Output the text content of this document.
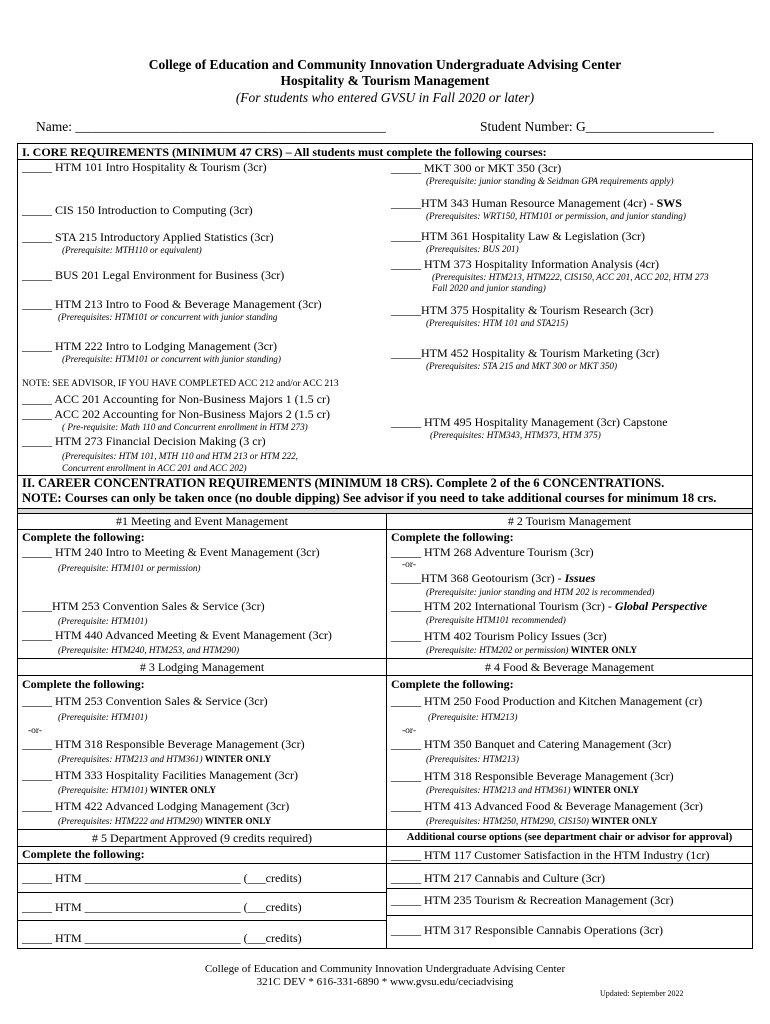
College of Education and Community Innovation Undergraduate Advising Center
Hospitality & Tourism Management
(For students who entered GVSU in Fall 2020 or later)
Name: ______________________________________________	Student Number: G___________________
I. CORE REQUIREMENTS (MINIMUM 47 CRS) – All students must complete the following courses:
_____ HTM 101 Intro Hospitality & Tourism (3cr)
_____ CIS 150 Introduction to Computing (3cr)
_____ STA 215 Introductory Applied Statistics (3cr)
(Prerequisite: MTH110 or equivalent)
_____ BUS 201 Legal Environment for Business (3cr)
_____ HTM 213 Intro to Food & Beverage Management (3cr)
(Prerequisites: HTM101 or concurrent with junior standing
_____ HTM 222 Intro to Lodging Management (3cr)
(Prerequisite: HTM101 or concurrent with junior standing)
NOTE: SEE ADVISOR, IF YOU HAVE COMPLETED ACC 212 and/or ACC 213
_____ ACC 201 Accounting for Non-Business Majors 1 (1.5 cr)
_____ ACC 202 Accounting for Non-Business Majors 2 (1.5 cr)
( Pre-requisite: Math 110 and Concurrent enrollment in HTM 273)
_____ HTM 273 Financial Decision Making (3 cr)
(Prerequisites: HTM 101, MTH 110 and HTM 213 or HTM 222,
Concurrent enrollment in ACC 201 and ACC 202)
_____ MKT 300 or MKT 350 (3cr)
(Prerequisite: junior standing & Seidman GPA requirements apply)
_____HTM 343 Human Resource Management (4cr) - SWS
(Prerequisites: WRT150, HTM101 or permission, and junior standing)
_____HTM 361 Hospitality Law & Legislation (3cr)
(Prerequisites: BUS 201)
_____ HTM 373 Hospitality Information Analysis (4cr)
(Prerequisites: HTM213, HTM222, CIS150, ACC 201, ACC 202, HTM 273
Fall 2020 and junior standing)
_____HTM 375 Hospitality & Tourism Research (3cr)
(Prerequisites: HTM 101 and STA215)
_____HTM 452 Hospitality & Tourism Marketing (3cr)
(Prerequisites: STA 215 and MKT 300 or MKT 350)
_____ HTM 495 Hospitality Management (3cr) Capstone
(Prerequisites: HTM343, HTM373, HTM 375)
II. CAREER CONCENTRATION REQUIREMENTS (MINIMUM 18 CRS). Complete 2 of the 6 CONCENTRATIONS.
NOTE: Courses can only be taken once (no double dipping) See advisor if you need to take additional courses for minimum 18 crs.
#1 Meeting and Event Management	# 2 Tourism Management
Complete the following:
_____ HTM 240 Intro to Meeting & Event Management (3cr)
(Prerequisite: HTM101 or permission)
_____HTM 253 Convention Sales & Service (3cr)
(Prerequisite: HTM101)
_____ HTM 440 Advanced Meeting & Event Management (3cr)
(Prerequisite: HTM240, HTM253, and HTM290)
Complete the following:
_____ HTM 268 Adventure Tourism (3cr)
-or-
_____HTM 368 Geotourism (3cr) - Issues
(Prerequisite: junior standing and HTM 202 is recommended)
_____ HTM 202 International Tourism (3cr) - Global Perspective
(Prerequisite HTM101 recommended)
_____ HTM 402 Tourism Policy Issues (3cr)
(Prerequisite: HTM202 or permission) WINTER ONLY
# 3 Lodging Management	# 4 Food & Beverage Management
Complete the following:
_____ HTM 253 Convention Sales & Service (3cr)
(Prerequisite: HTM101)
-or-
_____ HTM 318 Responsible Beverage Management (3cr)
(Prerequisites: HTM213 and HTM361) WINTER ONLY
_____ HTM 333 Hospitality Facilities Management (3cr)
(Prerequisite: HTM101) WINTER ONLY
_____ HTM 422 Advanced Lodging Management (3cr)
(Prerequisites: HTM222 and HTM290) WINTER ONLY
Complete the following:
_____ HTM 250 Food Production and Kitchen Management (cr)
(Prerequisite: HTM213)
-or-
_____ HTM 350 Banquet and Catering Management (3cr)
(Prerequisites: HTM213)
_____ HTM 318 Responsible Beverage Management (3cr)
(Prerequisites: HTM213 and HTM361) WINTER ONLY
_____ HTM 413 Advanced Food & Beverage Management (3cr)
(Prerequisites: HTM250, HTM290, CIS150) WINTER ONLY
# 5 Department Approved (9 credits required)	Additional course options (see department chair or advisor for approval)
Complete the following:
_____ HTM __________________________ (___credits)
_____ HTM __________________________ (___credits)
_____ HTM __________________________ (___credits)
_____ HTM 117 Customer Satisfaction in the HTM Industry (1cr)
_____ HTM 217 Cannabis and Culture (3cr)
_____ HTM 235 Tourism & Recreation Management (3cr)
_____ HTM 317 Responsible Cannabis Operations (3cr)
College of Education and Community Innovation Undergraduate Advising Center
321C DEV * 616-331-6890 * www.gvsu.edu/ceciadvising
Updated: September 2022
